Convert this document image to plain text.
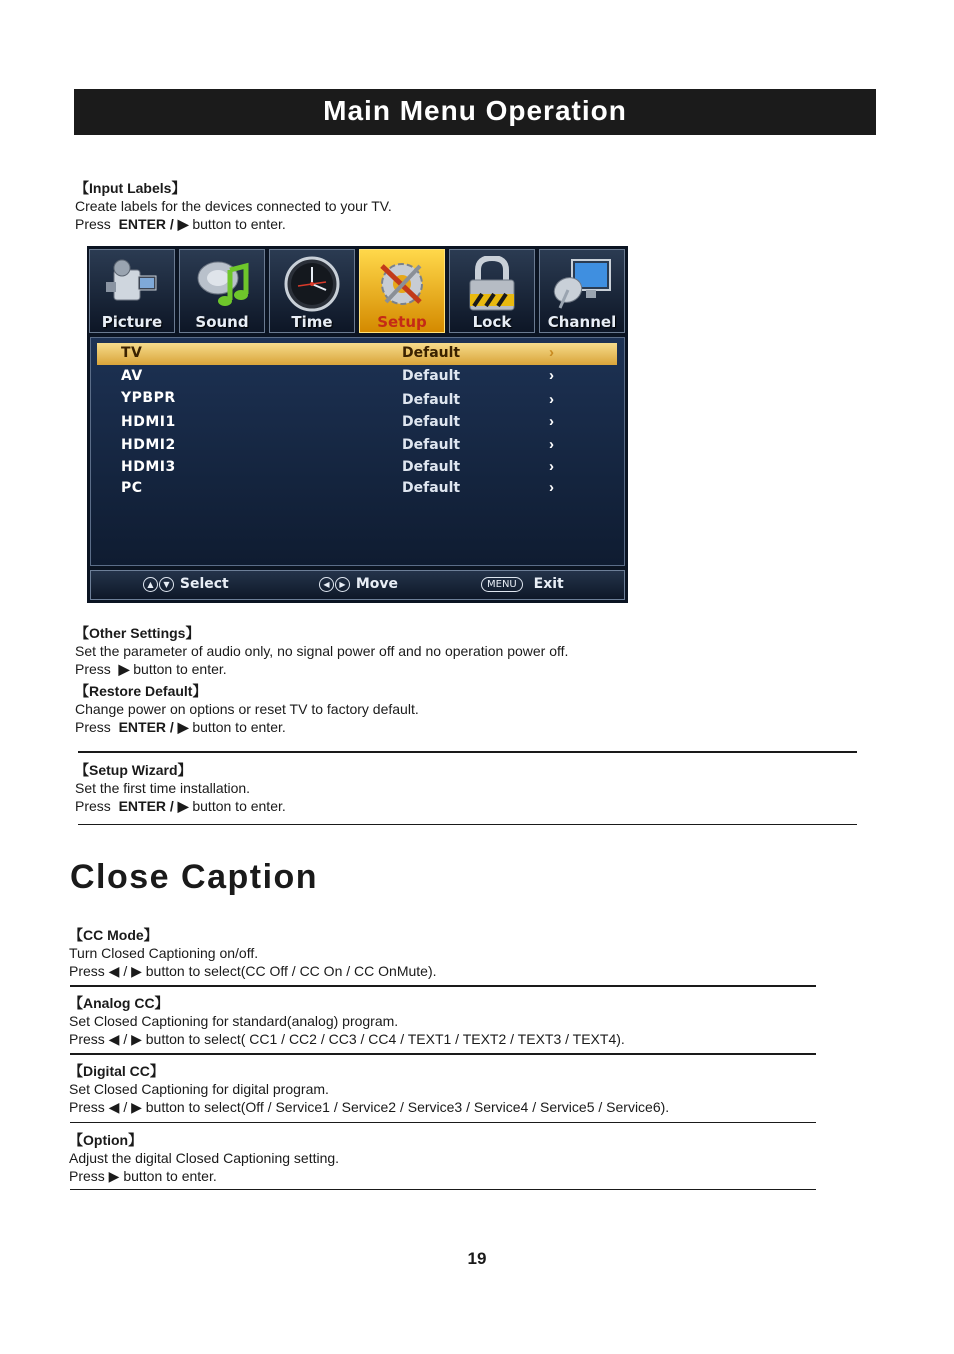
Main Menu Operation
【Input Labels】
Create labels for the devices connected to your TV.
Press ENTER / ▶ button to enter.
Picture	Sound	Time	Setup	Lock	Channel
TV	Default	›
AV	Default	›
YPBPR	Default	›
HDMI1	Default	›
HDMI2	Default	›
HDMI3	Default	›
PC	Default	›
▲ ▼ Select	◀ ▶ Move	MENU Exit
【Other Settings】
Set the parameter of audio only, no signal power off and no operation power off.
Press ▶ button to enter.
【Restore Default】
Change power on options or reset TV to factory default.
Press ENTER / ▶ button to enter.
【Setup Wizard】
Set the first time installation.
Press ENTER / ▶ button to enter.
Close Caption
【CC Mode】
Turn Closed Captioning on/off.
Press ◀ / ▶ button to select(CC Off / CC On / CC OnMute).
【Analog CC】
Set Closed Captioning for standard(analog) program.
Press ◀ / ▶ button to select( CC1 / CC2 / CC3 / CC4 / TEXT1 / TEXT2 / TEXT3 / TEXT4).
【Digital CC】
Set Closed Captioning for digital program.
Press ◀ / ▶ button to select(Off / Service1 / Service2 / Service3 / Service4 / Service5 / Service6).
【Option】
Adjust the digital Closed Captioning setting.
Press ▶ button to enter.
19
